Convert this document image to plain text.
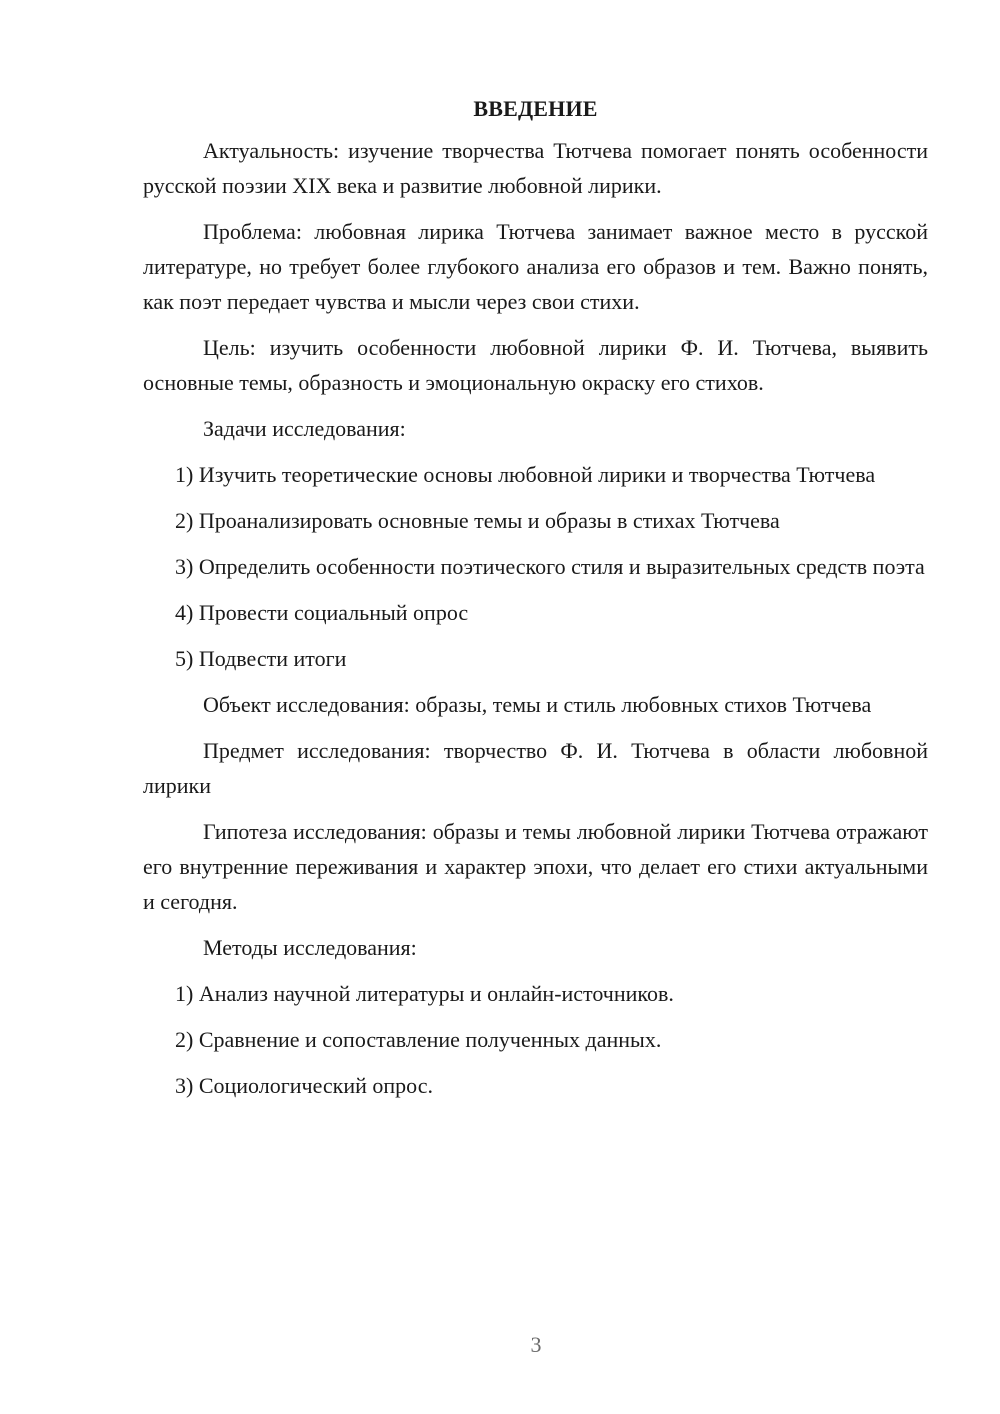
ВВЕДЕНИЕ

Актуальность: изучение творчества Тютчева помогает понять особенности русской поэзии XIX века и развитие любовной лирики.

Проблема: любовная лирика Тютчева занимает важное место в русской литературе, но требует более глубокого анализа его образов и тем. Важно понять, как поэт передает чувства и мысли через свои стихи.

Цель: изучить особенности любовной лирики Ф. И. Тютчева, выявить основные темы, образность и эмоциональную окраску его стихов.

Задачи исследования:

1) Изучить теоретические основы любовной лирики и творчества Тютчева

2) Проанализировать основные темы и образы в стихах Тютчева

3) Определить особенности поэтического стиля и выразительных средств поэта

4) Провести социальный опрос

5) Подвести итоги

Объект исследования: образы, темы и стиль любовных стихов Тютчева

Предмет исследования: творчество Ф. И. Тютчева в области любовной лирики

Гипотеза исследования: образы и темы любовной лирики Тютчева отражают его внутренние переживания и характер эпохи, что делает его стихи актуальными и сегодня.

Методы исследования:

1) Анализ научной литературы и онлайн-источников.

2) Сравнение и сопоставление полученных данных.

3) Социологический опрос.

3
